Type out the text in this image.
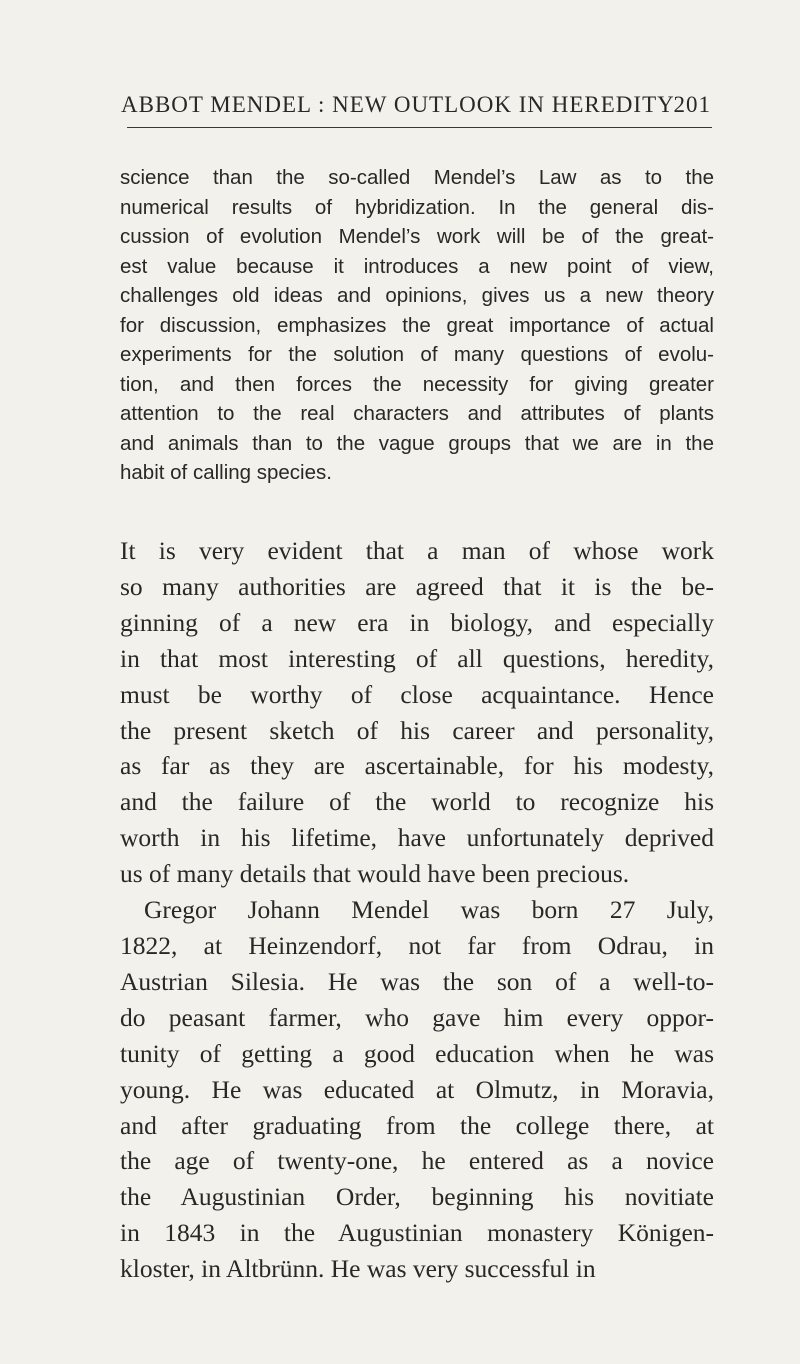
ABBOT MENDEL : NEW OUTLOOK IN HEREDITY
201
science than the so-called Mendel’s Law as to the
numerical results of hybridization. In the general dis-
cussion of evolution Mendel’s work will be of the great-
est value because it introduces a new point of view,
challenges old ideas and opinions, gives us a new theory
for discussion, emphasizes the great importance of actual
experiments for the solution of many questions of evolu-
tion, and then forces the necessity for giving greater
attention to the real characters and attributes of plants
and animals than to the vague groups that we are in the
habit of calling species.
It is very evident that a man of whose work
so many authorities are agreed that it is the be-
ginning of a new era in biology, and especially
in that most interesting of all questions, heredity,
must be worthy of close acquaintance. Hence
the present sketch of his career and personality,
as far as they are ascertainable, for his modesty,
and the failure of the world to recognize his
worth in his lifetime, have unfortunately deprived
us of many details that would have been precious.
Gregor Johann Mendel was born 27 July,
1822, at Heinzendorf, not far from Odrau, in
Austrian Silesia. He was the son of a well-to-
do peasant farmer, who gave him every oppor-
tunity of getting a good education when he was
young. He was educated at Olmutz, in Moravia,
and after graduating from the college there, at
the age of twenty-one, he entered as a novice
the Augustinian Order, beginning his novitiate
in 1843 in the Augustinian monastery Königen-
kloster, in Altbrünn. He was very successful in
